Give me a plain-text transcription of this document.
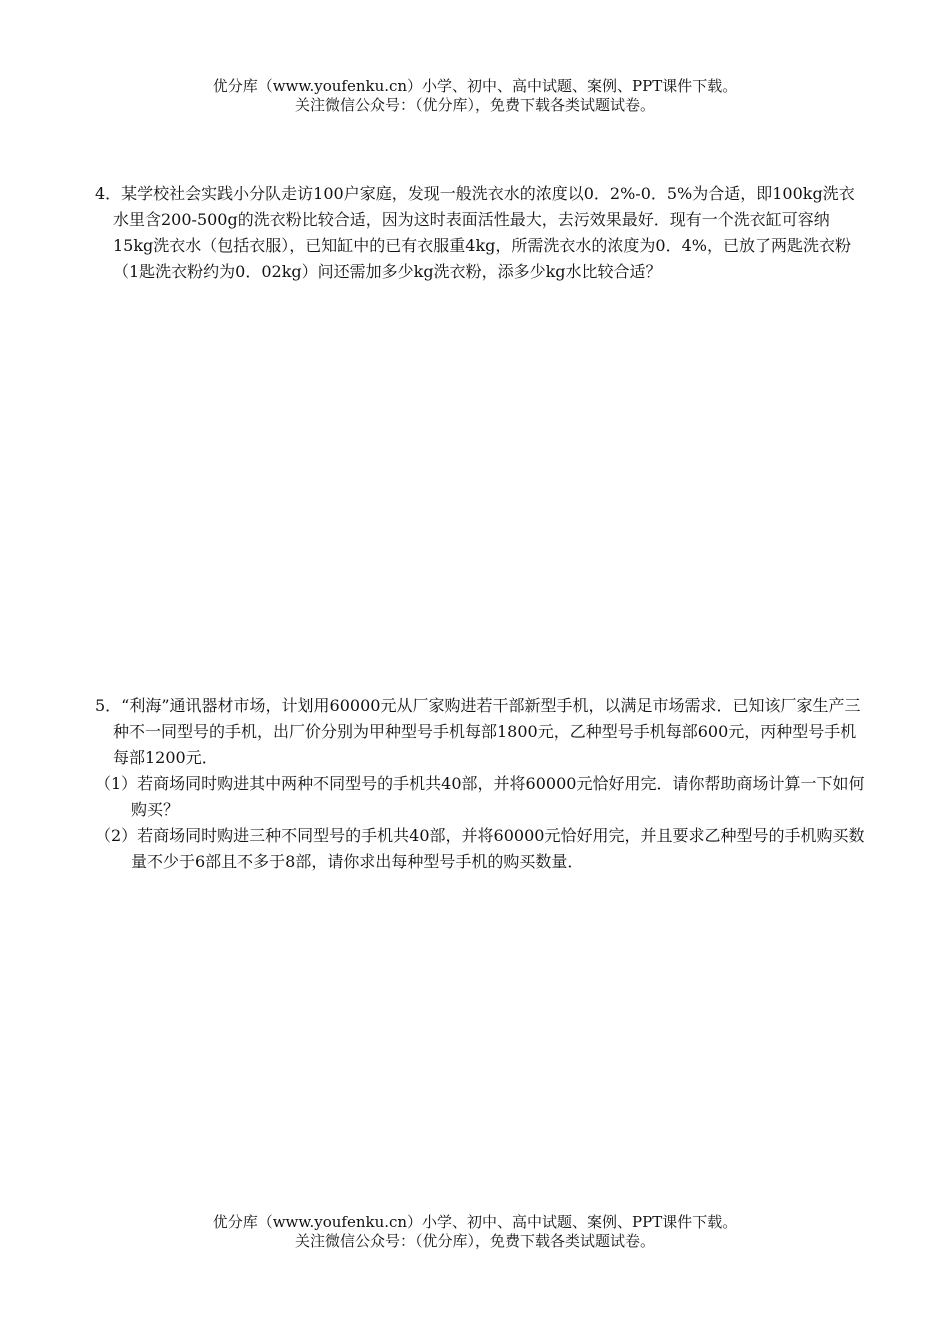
优分库（www.youfenku.cn）小学、初中、高中试题、案例、PPT课件下载。
关注微信公众号：（优分库），免费下载各类试题试卷。

4．某学校社会实践小分队走访100户家庭，发现一般洗衣水的浓度以0．2%-0．5%为合适，即100kg洗衣水里含200-500g的洗衣粉比较合适，因为这时表面活性最大，去污效果最好．现有一个洗衣缸可容纳15kg洗衣水（包括衣服），已知缸中的已有衣服重4kg，所需洗衣水的浓度为0．4%，已放了两匙洗衣粉（1匙洗衣粉约为0．02kg）问还需加多少kg洗衣粉，添多少kg水比较合适？

5．“利海”通讯器材市场，计划用60000元从厂家购进若干部新型手机，以满足市场需求．已知该厂家生产三种不一同型号的手机，出厂价分别为甲种型号手机每部1800元，乙种型号手机每部600元，丙种型号手机每部1200元．

（1）若商场同时购进其中两种不同型号的手机共40部，并将60000元恰好用完．请你帮助商场计算一下如何购买？

（2）若商场同时购进三种不同型号的手机共40部，并将60000元恰好用完，并且要求乙种型号的手机购买数量不少于6部且不多于8部，请你求出每种型号手机的购买数量．

优分库（www.youfenku.cn）小学、初中、高中试题、案例、PPT课件下载。
关注微信公众号：（优分库），免费下载各类试题试卷。
